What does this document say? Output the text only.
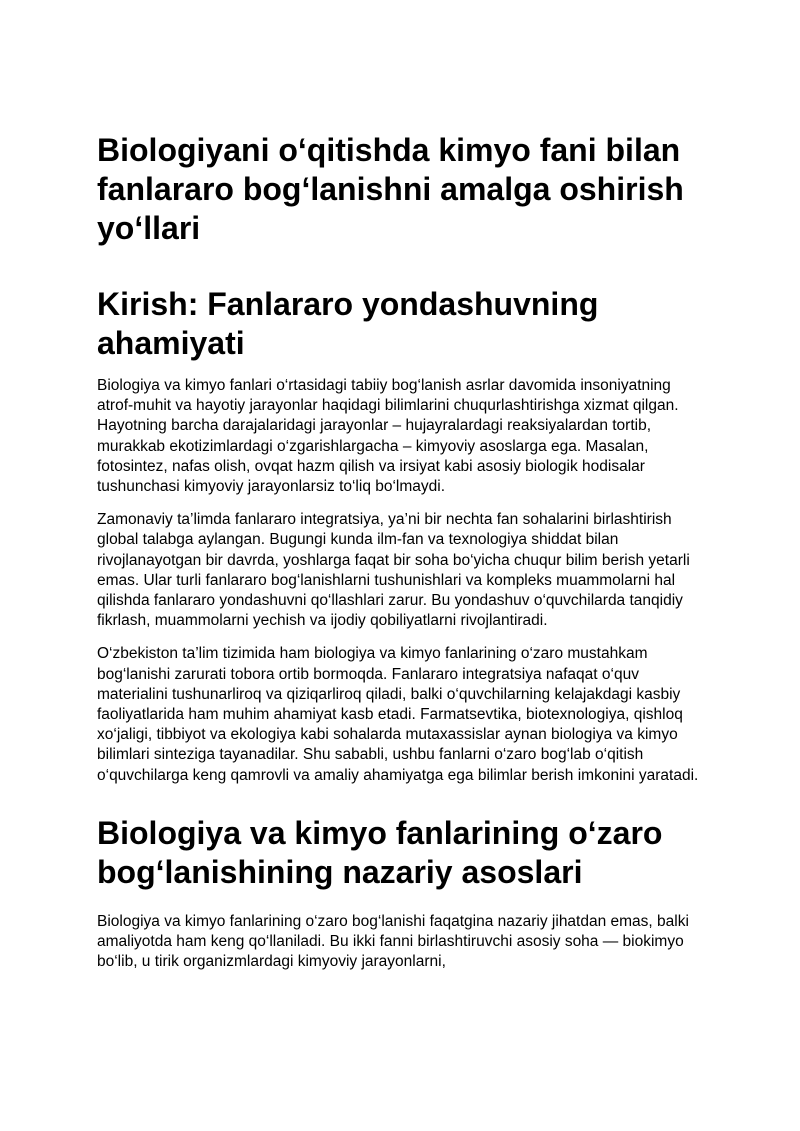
Biologiyani o‘qitishda kimyo fani bilan fanlararo bog‘lanishni amalga oshirish yo‘llari
Kirish: Fanlararo yondashuvning ahamiyati

Biologiya va kimyo fanlari o‘rtasidagi tabiiy bog‘lanish asrlar davomida insoniyatning atrof-muhit va hayotiy jarayonlar haqidagi bilimlarini chuqurlashtirishga xizmat qilgan. Hayotning barcha darajalaridagi jarayonlar – hujayralardagi reaksiyalardan tortib, murakkab ekotizimlardagi o‘zgarishlargacha – kimyoviy asoslarga ega. Masalan, fotosintez, nafas olish, ovqat hazm qilish va irsiyat kabi asosiy biologik hodisalar tushunchasi kimyoviy jarayonlarsiz to‘liq bo‘lmaydi.

Zamonaviy ta’limda fanlararo integratsiya, ya’ni bir nechta fan sohalarini birlashtirish global talabga aylangan. Bugungi kunda ilm-fan va texnologiya shiddat bilan rivojlanayotgan bir davrda, yoshlarga faqat bir soha bo‘yicha chuqur bilim berish yetarli emas. Ular turli fanlararo bog‘lanishlarni tushunishlari va kompleks muammolarni hal qilishda fanlararo yondashuvni qo‘llashlari zarur. Bu yondashuv o‘quvchilarda tanqidiy fikrlash, muammolarni yechish va ijodiy qobiliyatlarni rivojlantiradi.

O‘zbekiston ta’lim tizimida ham biologiya va kimyo fanlarining o‘zaro mustahkam bog‘lanishi zarurati tobora ortib bormoqda. Fanlararo integratsiya nafaqat o‘quv materialini tushunarliroq va qiziqarliroq qiladi, balki o‘quvchilarning kelajakdagi kasbiy faoliyatlarida ham muhim ahamiyat kasb etadi. Farmatsevtika, biotexnologiya, qishloq xo‘jaligi, tibbiyot va ekologiya kabi sohalarda mutaxassislar aynan biologiya va kimyo bilimlari sinteziga tayanadilar. Shu sababli, ushbu fanlarni o‘zaro bog‘lab o‘qitish o‘quvchilarga keng qamrovli va amaliy ahamiyatga ega bilimlar berish imkonini yaratadi.

Biologiya va kimyo fanlarining o‘zaro bog‘lanishining nazariy asoslari

Biologiya va kimyo fanlarining o‘zaro bog‘lanishi faqatgina nazariy jihatdan emas, balki amaliyotda ham keng qo‘llaniladi. Bu ikki fanni birlashtiruvchi asosiy soha — biokimyo bo‘lib, u tirik organizmlardagi kimyoviy jarayonlarni,
